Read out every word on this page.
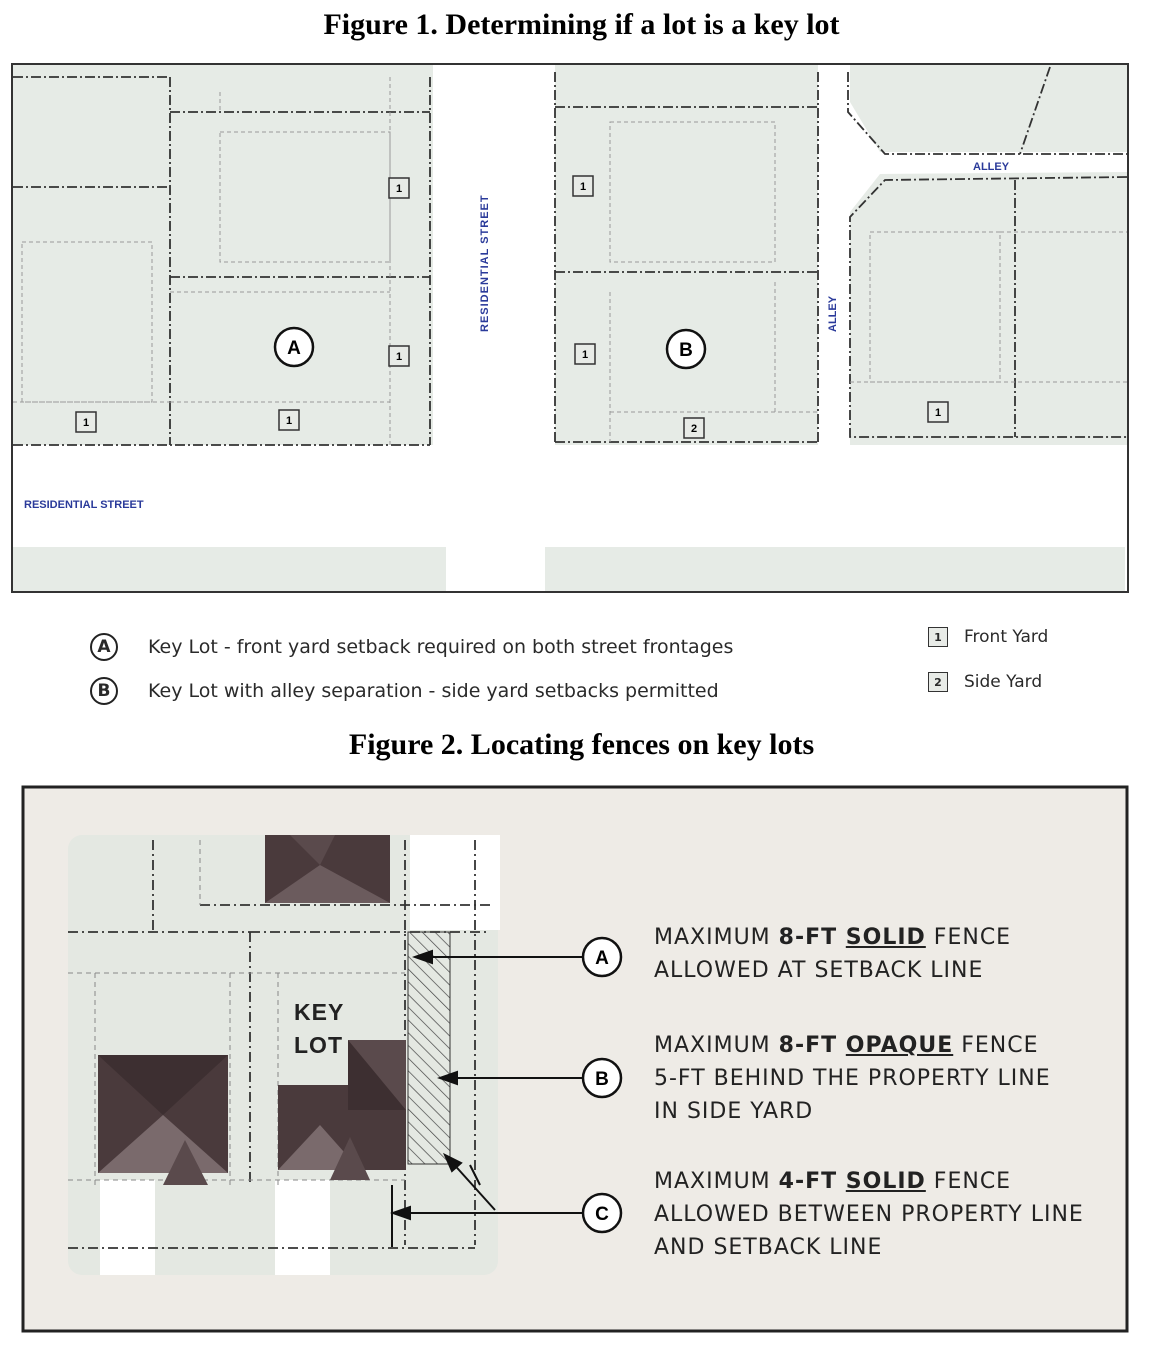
Figure 1. Determining if a lot is a key lot
RESIDENTIAL STREET
RESIDENTIAL STREET
ALLEY
ALLEY
A	B
1
1
1	1
1
1
2
1
A	Key Lot - front yard setback required on both street frontages
B	Key Lot with alley separation - side yard setbacks permitted
1	Front Yard
2	Side Yard
Figure 2. Locating fences on key lots
KEY
LOT
A
B
C
MAXIMUM 8-FT SOLID FENCE
ALLOWED AT SETBACK LINE
MAXIMUM 8-FT OPAQUE FENCE
5-FT BEHIND THE PROPERTY LINE
IN SIDE YARD
MAXIMUM 4-FT SOLID FENCE
ALLOWED BETWEEN PROPERTY LINE
AND SETBACK LINE
